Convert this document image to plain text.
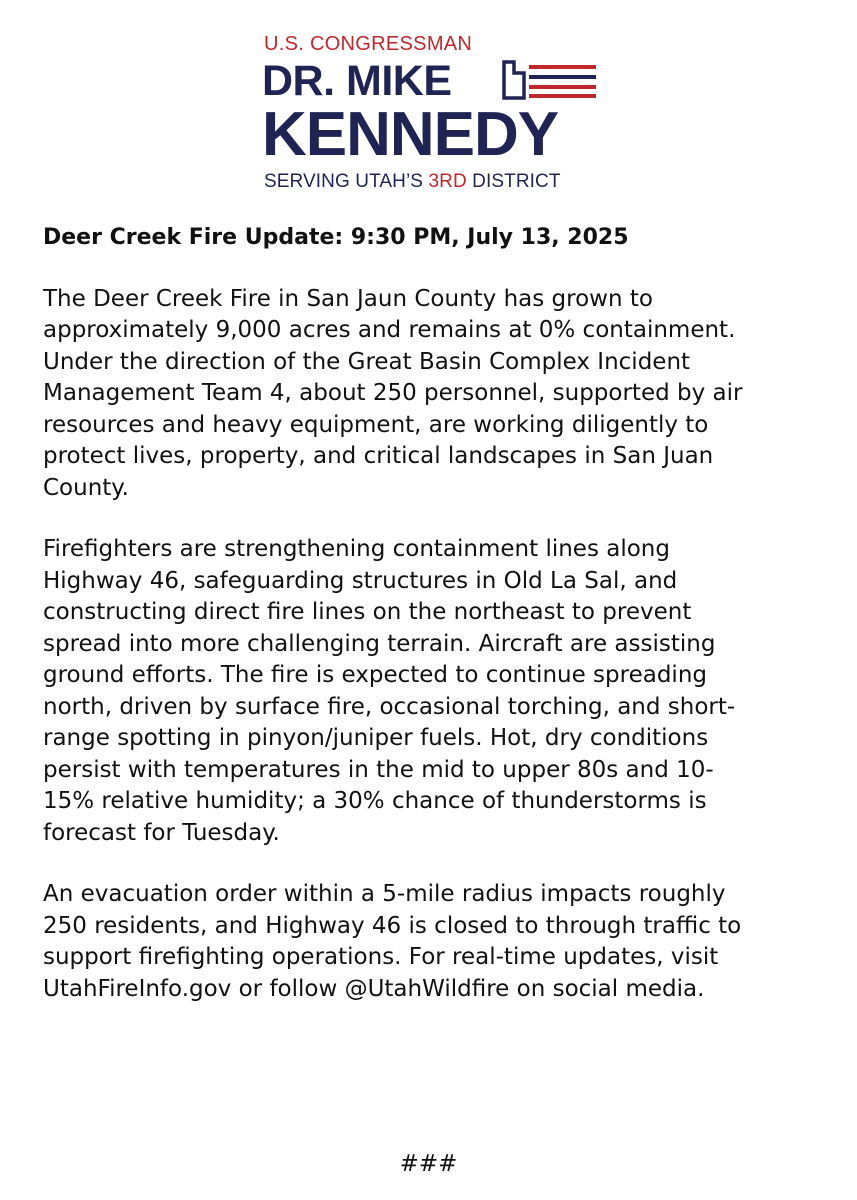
U.S. CONGRESSMAN
DR. MIKE
KENNEDY
SERVING UTAH’S 3RD DISTRICT
Deer Creek Fire Update: 9:30 PM, July 13, 2025
The Deer Creek Fire in San Jaun County has grown to
approximately 9,000 acres and remains at 0% containment.
Under the direction of the Great Basin Complex Incident
Management Team 4, about 250 personnel, supported by air
resources and heavy equipment, are working diligently to
protect lives, property, and critical landscapes in San Juan
County.
Firefighters are strengthening containment lines along
Highway 46, safeguarding structures in Old La Sal, and
constructing direct fire lines on the northeast to prevent
spread into more challenging terrain. Aircraft are assisting
ground efforts. The fire is expected to continue spreading
north, driven by surface fire, occasional torching, and short-
range spotting in pinyon/juniper fuels. Hot, dry conditions
persist with temperatures in the mid to upper 80s and 10-
15% relative humidity; a 30% chance of thunderstorms is
forecast for Tuesday.
An evacuation order within a 5-mile radius impacts roughly
250 residents, and Highway 46 is closed to through traffic to
support firefighting operations. For real-time updates, visit
UtahFireInfo.gov or follow @UtahWildfire on social media.
###
